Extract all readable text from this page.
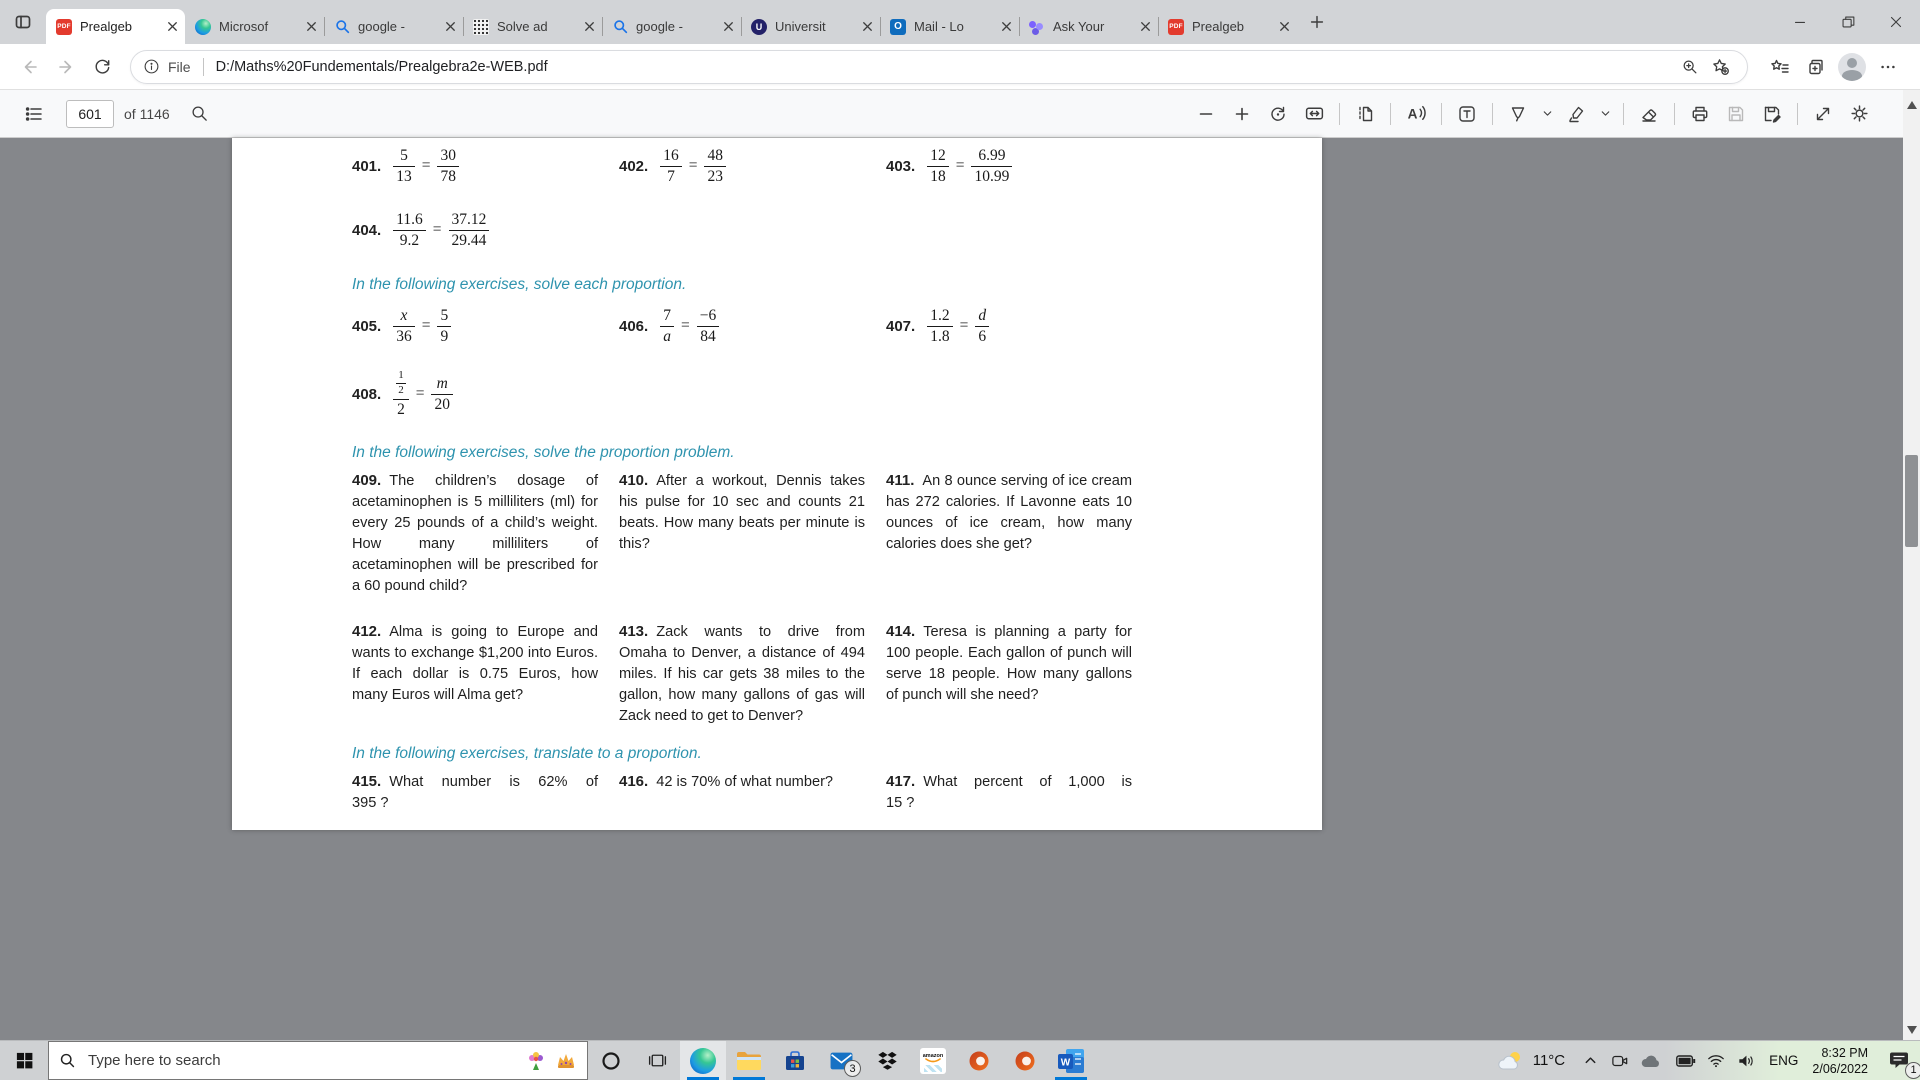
PDF Prealgeb	Microsof	google -	Solve ad	google -	U Universit	O Mail - Lo	Ask Your	PDF Prealgeb
File D:/Maths%20Fundementals/Prealgebra2e-WEB.pdf
601
of 1146	A
401. $\frac{5}{13} = \frac{30}{78}$	402. $\frac{16}{7} = \frac{48}{23}$	403. $\frac{12}{18} = \frac{6.99}{10.99}$
404. $\frac{11.6}{9.2} = \frac{37.12}{29.44}$
In the following exercises, solve each proportion.
405. $\frac{x}{36} = \frac{5}{9}$	406. $\frac{7}{a} = \frac{-6}{84}$	407. $\frac{1.2}{1.8} = \frac{d}{6}$
408. $\frac{\frac{1}{2}}{2} = \frac{m}{20}$
In the following exercises, solve the proportion problem.

409. The children’s dosage of acetaminophen is 5 milliliters (ml) for every 25 pounds of a child’s weight. How many milliliters of acetaminophen will be prescribed for a 60 pound child?

410. After a workout, Dennis takes his pulse for 10 sec and counts 21 beats. How many beats per minute is this?

411. An 8 ounce serving of ice cream has 272 calories. If Lavonne eats 10 ounces of ice cream, how many calories does she get?

412. Alma is going to Europe and wants to exchange $1,200 into Euros. If each dollar is 0.75 Euros, how many Euros will Alma get?

413. Zack wants to drive from Omaha to Denver, a distance of 494 miles. If his car gets 38 miles to the gallon, how many gallons of gas will Zack need to get to Denver?

414. Teresa is planning a party for 100 people. Each gallon of punch will serve 18 people. How many gallons of punch will she need?

In the following exercises, translate to a proportion.

415. What number is 62% of
395 ?

416. 42 is 70% of what number?	417. What percent of 1,000 is
15 ?

Type here to search
3
amazon
W	11°C	ENG
8:32 PM
2/06/2022	1
